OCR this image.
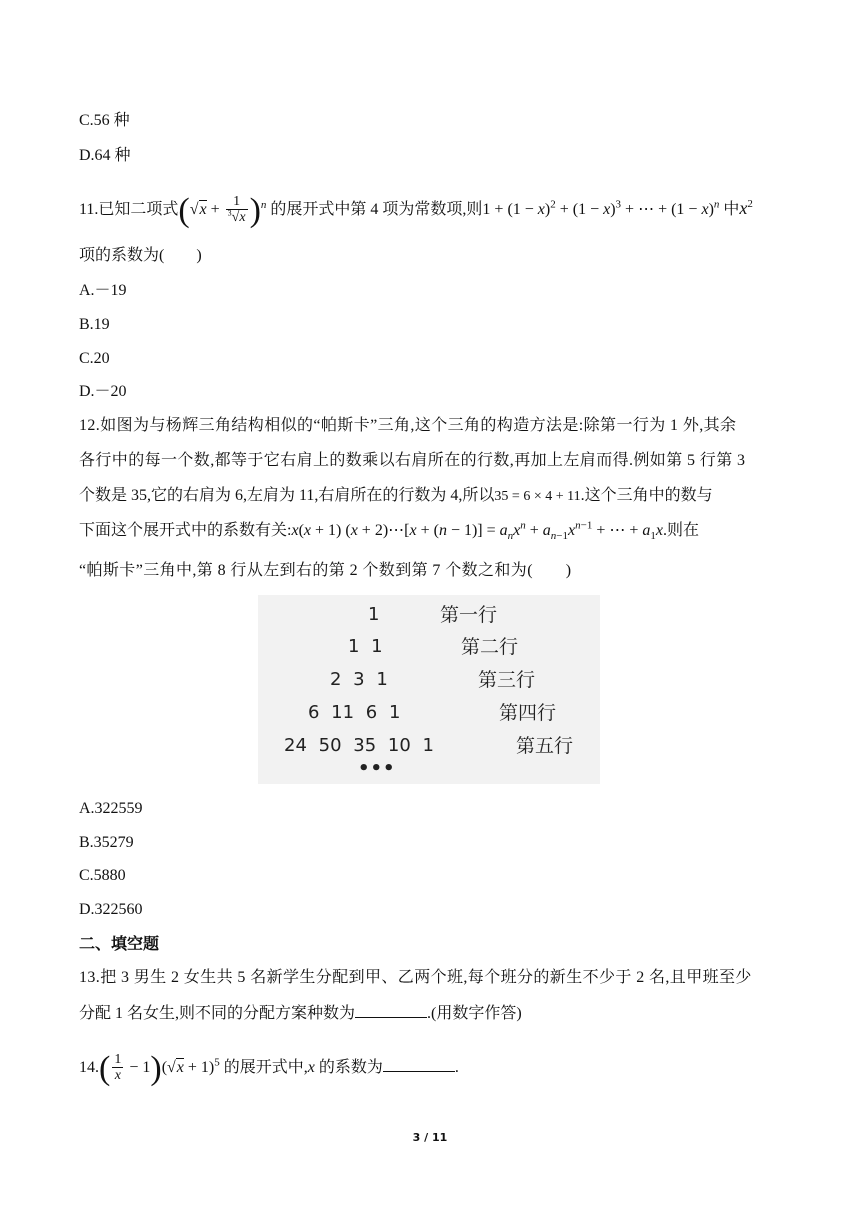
C.56 种
D.64 种
11.已知二项式$(√x + \frac{1}{^3√x} )^n$ 的展开式中第 4 项为常数项,则$1 + (1 - x)^2 + (1 - x)^3$ + ⋯ + $(1 - x)^n$ 中$x^2$
项的系数为(　　)
A.－19
B.19
C.20
D.－20
12.如图为与杨辉三角结构相似的“帕斯卡”三角,这个三角的构造方法是:除第一行为 1 外,其余
各行中的每一个数,都等于它右肩上的数乘以右肩所在的行数,再加上左肩而得.例如第 5 行第 3
个数是 35,它的右肩为 6,左肩为 11,右肩所在的行数为 4,所以35 = 6 × 4 + 11.这个三角中的数与
下面这个展开式中的系数有关:x(x + 1) (x + 2)⋯[x + $(n - 1)] = a_nx^n + a_{n-1}x^{n-1}$ + ⋯ + $a_1x$.则在
“帕斯卡”三角中,第 8 行从左到右的第 2 个数到第 7 个数之和为(　　)
1	第一行
1 1	第二行
2 3 1	第三行
6 11 6 1	第四行
24 50 35 10 1	第五行
•••
A.322559
B.35279
C.5880
D.322560
二、填空题
13.把 3 男生 2 女生共 5 名新学生分配到甲、乙两个班,每个班分的新生不少于 2 名,且甲班至少
分配 1 名女生,则不同的分配方案种数为	.(用数字作答)
$14.( \frac{1}{x} - 1)(√x + 1)^5$ 的展开式中,x 的系数为	.
3 / 11
